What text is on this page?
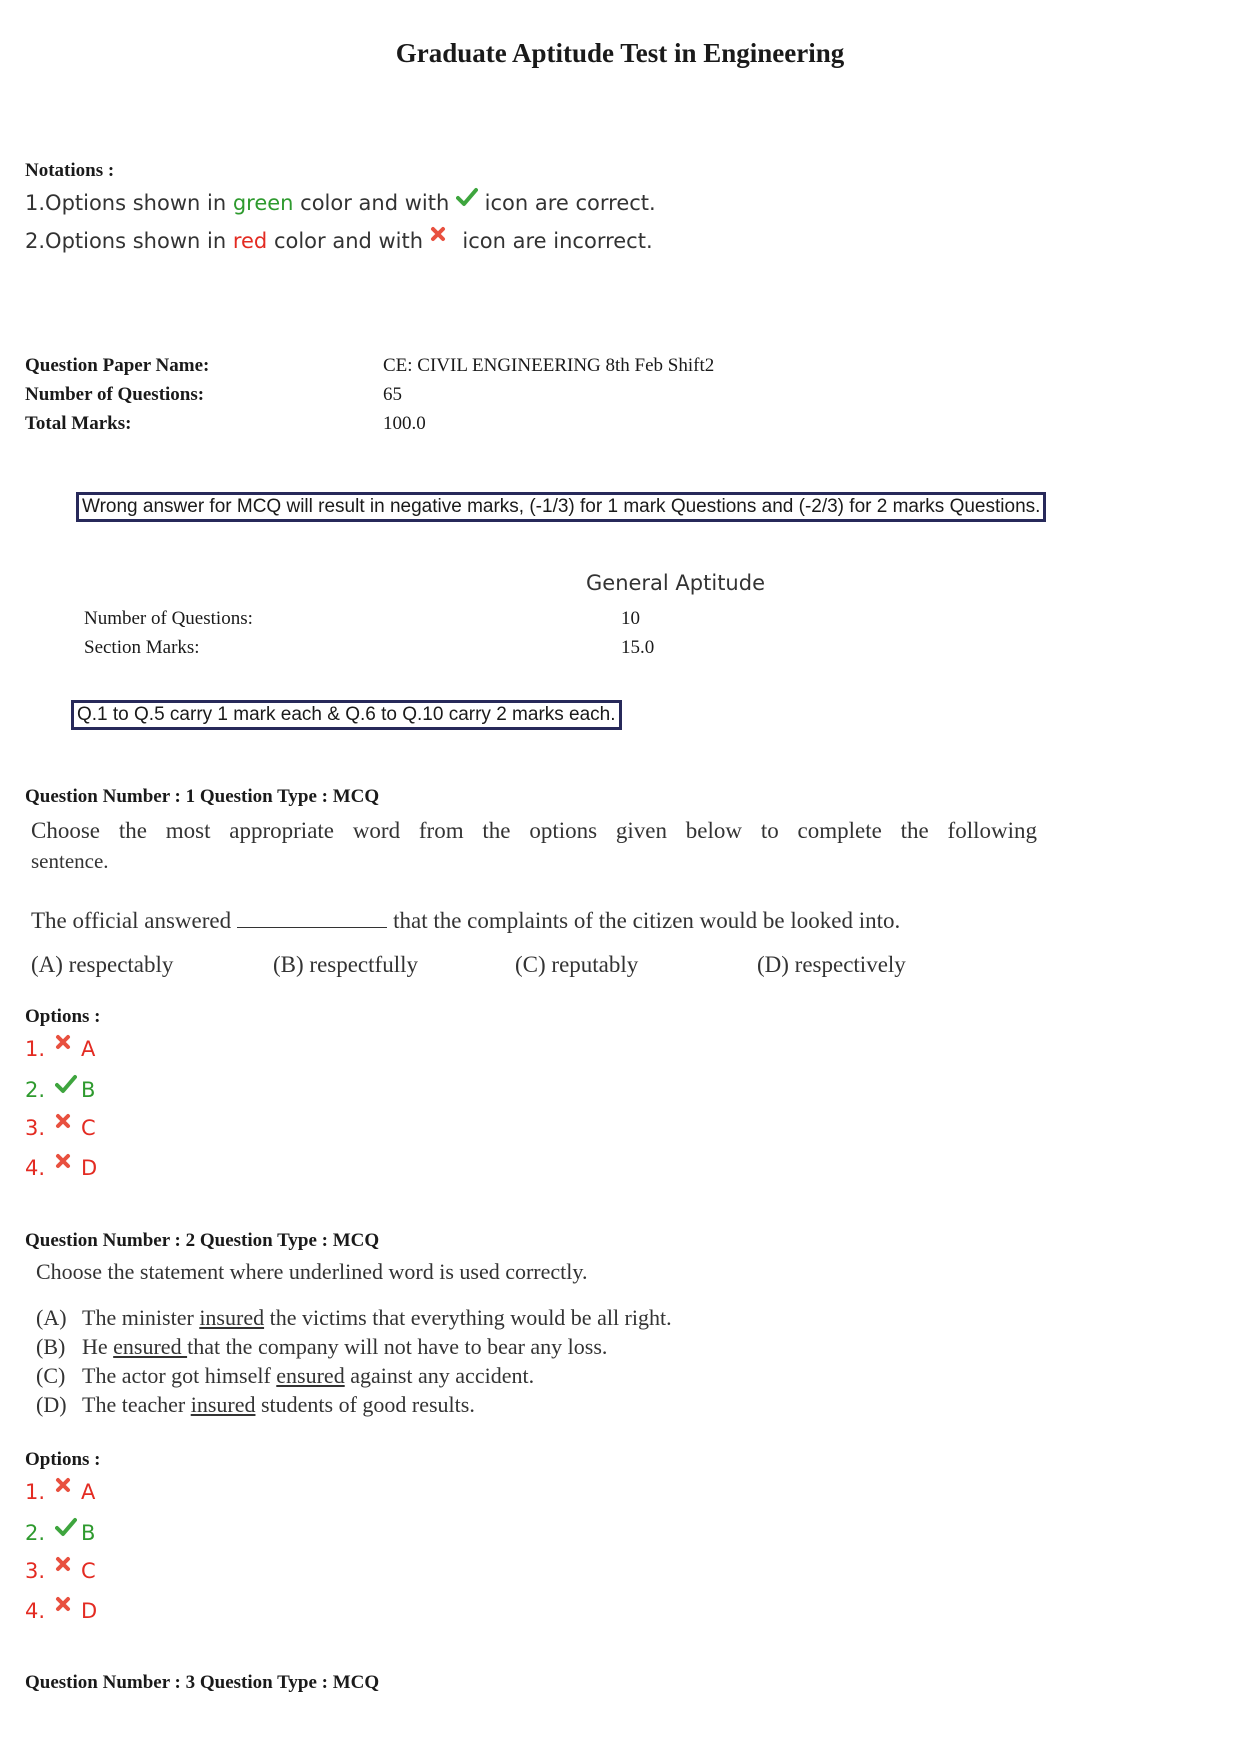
Graduate Aptitude Test in Engineering
Notations :
1.Options shown in green color and with  icon are correct.
2.Options shown in red color and with  icon are incorrect.
Question Paper Name:	CE: CIVIL ENGINEERING 8th Feb Shift2
Number of Questions:	65
Total Marks:	100.0
Wrong answer for MCQ will result in negative marks, (-1/3) for 1 mark Questions and (-2/3) for 2 marks Questions.
General Aptitude
Number of Questions:	10
Section Marks:	15.0
Q.1 to Q.5 carry 1 mark each & Q.6 to Q.10 carry 2 marks each.
Question Number : 1 Question Type : MCQ
Choose the most appropriate word from the options given below to complete the following
sentence.
The official answered	that the complaints of the citizen would be looked into.
(A) respectably	(B) respectfully	(C) reputably	(D) respectively
Options :
1.	A
2.	B
3.	C
4.	D
Question Number : 2 Question Type : MCQ
Choose the statement where underlined word is used correctly.
(A) The minister insured the victims that everything would be all right.
(B) He ensured that the company will not have to bear any loss.
(C) The actor got himself ensured against any accident.
(D) The teacher insured students of good results.
Options :
1.	A
2.	B
3.	C
4.	D
Question Number : 3 Question Type : MCQ
